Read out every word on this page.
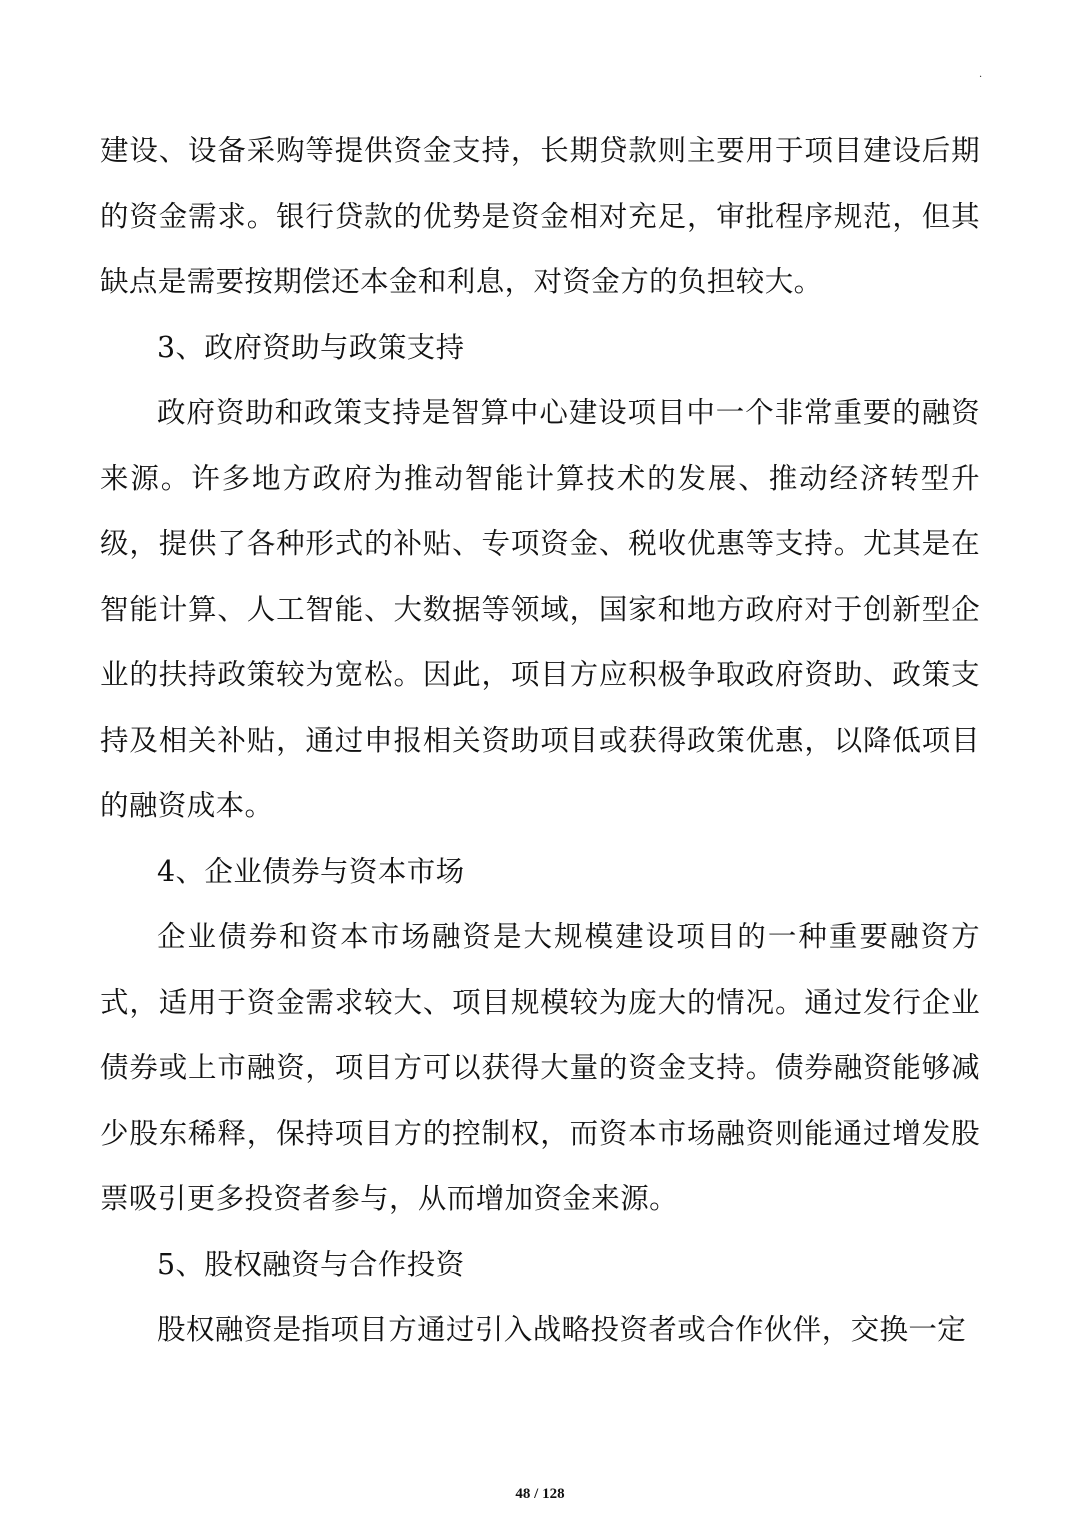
·

建设、设备采购等提供资金支持，长期贷款则主要用于项目建设后期的资金需求。银行贷款的优势是资金相对充足，审批程序规范，但其缺点是需要按期偿还本金和利息，对资金方的负担较大。

3、政府资助与政策支持

政府资助和政策支持是智算中心建设项目中一个非常重要的融资来源。许多地方政府为推动智能计算技术的发展、推动经济转型升级，提供了各种形式的补贴、专项资金、税收优惠等支持。尤其是在智能计算、人工智能、大数据等领域，国家和地方政府对于创新型企业的扶持政策较为宽松。因此，项目方应积极争取政府资助、政策支持及相关补贴，通过申报相关资助项目或获得政策优惠，以降低项目的融资成本。

4、企业债券与资本市场

企业债券和资本市场融资是大规模建设项目的一种重要融资方式，适用于资金需求较大、项目规模较为庞大的情况。通过发行企业债券或上市融资，项目方可以获得大量的资金支持。债券融资能够减少股东稀释，保持项目方的控制权，而资本市场融资则能通过增发股票吸引更多投资者参与，从而增加资金来源。

5、股权融资与合作投资

股权融资是指项目方通过引入战略投资者或合作伙伴，交换一定

48 / 128
